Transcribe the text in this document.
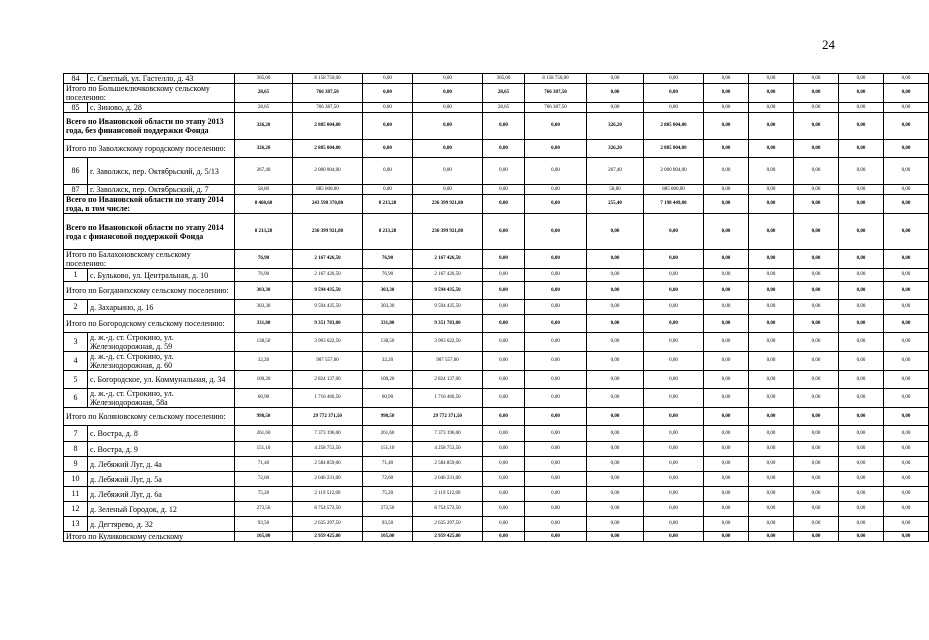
24
84	с. Светлый, ул. Гастелло, д. 43	305,00	8 158 750,00	0,00	0,00	305,00	8 158 750,00	0,00	0,00	0,00	0,00	0,00	0,00	0,00
Итого по Большеключковскому сельскому поселению:		28,65	766 387,50	0,00	0,00	28,65	766 387,50	0,00	0,00	0,00	0,00	0,00	0,00	0,00
85	с. Зиново, д. 28	28,65	766 387,50	0,00	0,00	28,65	766 387,50	0,00	0,00	0,00	0,00	0,00	0,00	0,00
Всего по Ивановской области по этапу 2013 года, без финансовой поддержки Фонда		326,20	2 885 004,00	0,00	0,00	0,00	0,00	326,20	2 885 004,00	0,00	0,00	0,00	0,00	0,00
Итого по Заволжскому городскому поселению:		326,20	2 885 004,00	0,00	0,00	0,00	0,00	326,20	2 885 004,00	0,00	0,00	0,00	0,00	0,00
86	г. Заволжск, пер. Октябрьский, д. 5/13	267,40	2 000 004,00	0,00	0,00	0,00	0,00	267,40	2 000 004,00	0,00	0,00	0,00	0,00	0,00
87	г. Заволжск, пер. Октябрьский, д. 7	58,80	885 000,00	0,00	0,00	0,00	0,00	58,80	885 000,00	0,00	0,00	0,00	0,00	0,00
Всего по Ивановской области по этапу 2014 года, в том числе:		8 468,68	243 598 370,80	8 213,28	236 399 921,80	0,00	0,00	255,40	7 198 449,00	0,00	0,00	0,00	0,00	0,00
Всего по Ивановской области по этапу 2014 года с финансовой поддержкой Фонда		8 213,28	236 399 921,80	8 213,28	236 399 921,80	0,00	0,00	0,00	0,00	0,00	0,00	0,00	0,00	0,00
Итого по Балахоновскому сельскому поселению:		76,90	2 167 426,50	76,90	2 167 426,50	0,00	0,00	0,00	0,00	0,00	0,00	0,00	0,00	0,00
1	с. Бульково, ул. Центральная, д. 10	76,90	2 167 426,50	76,90	2 167 426,50	0,00	0,00	0,00	0,00	0,00	0,00	0,00	0,00	0,00
Итого по Богданихскому сельскому поселению:		303,30	9 594 435,50	303,30	9 594 435,50	0,00	0,00	0,00	0,00	0,00	0,00	0,00	0,00	0,00
2	д. Захарьино, д. 16	303,30	9 594 435,50	303,30	9 594 435,50	0,00	0,00	0,00	0,00	0,00	0,00	0,00	0,00	0,00
Итого по Богородскому сельскому поселению:		331,80	9 351 783,00	331,80	9 351 783,00	0,00	0,00	0,00	0,00	0,00	0,00	0,00	0,00	0,00
3	д. ж.-д. ст. Строкино, ул. Железнодорожная, д. 59	138,50	3 903 622,50	138,50	3 903 622,50	0,00	0,00	0,00	0,00	0,00	0,00	0,00	0,00	0,00
4	д. ж.-д. ст. Строкино, ул. Железнодорожная, д. 60	32,20	907 557,00	32,20	907 557,00	0,00	0,00	0,00	0,00	0,00	0,00	0,00	0,00	0,00
5	с. Богородское, ул. Коммунальная, д. 34	100,20	2 824 137,00	100,20	2 824 137,00	0,00	0,00	0,00	0,00	0,00	0,00	0,00	0,00	0,00
6	д. ж.-д. ст. Строкино, ул. Железнодорожная, 58а	60,90	1 716 466,50	60,90	1 716 466,50	0,00	0,00	0,00	0,00	0,00	0,00	0,00	0,00	0,00
Итого по Коляновскому сельскому поселению:		998,50	29 772 371,50	998,50	29 772 371,50	0,00	0,00	0,00	0,00	0,00	0,00	0,00	0,00	0,00
7	с. Востра, д. 8	261,60	7 373 196,00	261,60	7 373 196,00	0,00	0,00	0,00	0,00	0,00	0,00	0,00	0,00	0,00
8	с. Востра, д. 9	151,10	4 258 753,50	151,10	4 258 753,50	0,00	0,00	0,00	0,00	0,00	0,00	0,00	0,00	0,00
9	д. Лебяжий Луг, д. 4а	71,40	2 584 859,00	71,40	2 584 859,00	0,00	0,00	0,00	0,00	0,00	0,00	0,00	0,00	0,00
10	д. Лебяжий Луг, д. 5а	72,60	2 046 231,00	72,60	2 046 231,00	0,00	0,00	0,00	0,00	0,00	0,00	0,00	0,00	0,00
11	д. Лебяжий Луг, д. 6а	75,20	2 119 512,00	75,20	2 119 512,00	0,00	0,00	0,00	0,00	0,00	0,00	0,00	0,00	0,00
12	д. Зеленый Городок, д. 12	273,50	8 754 572,50	273,50	8 754 572,50	0,00	0,00	0,00	0,00	0,00	0,00	0,00	0,00	0,00
13	д. Дегтярево, д. 32	93,50	2 635 297,50	93,50	2 635 297,50	0,00	0,00	0,00	0,00	0,00	0,00	0,00	0,00	0,00
Итого по Куликовскому сельскому		105,00	2 959 425,00	105,00	2 959 425,00	0,00	0,00	0,00	0,00	0,00	0,00	0,00	0,00	0,00
